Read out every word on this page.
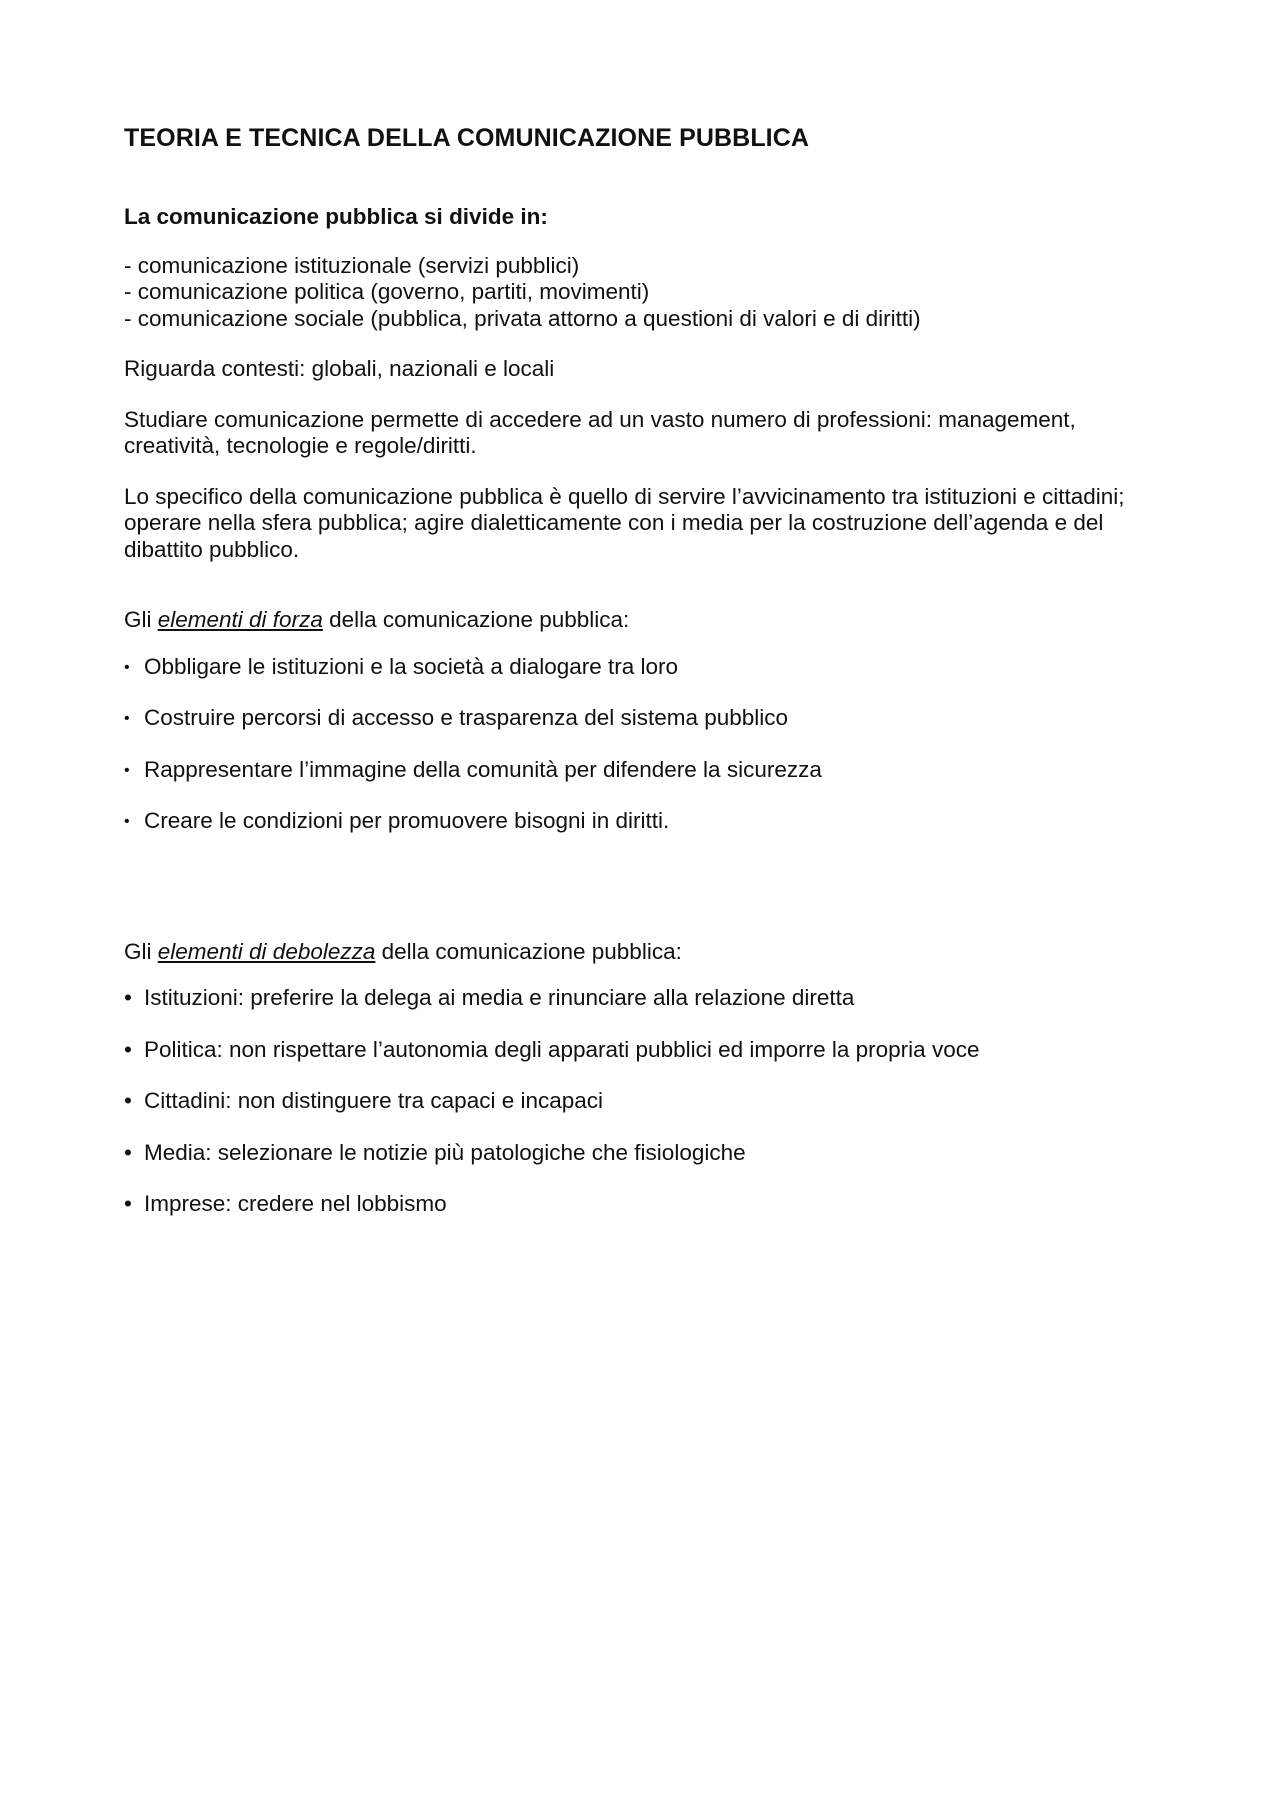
TEORIA E TECNICA DELLA COMUNICAZIONE PUBBLICA
La comunicazione pubblica si divide in:
- comunicazione istituzionale (servizi pubblici)
- comunicazione politica (governo, partiti, movimenti)
- comunicazione sociale (pubblica, privata attorno a questioni di valori e di diritti)
Riguarda contesti: globali, nazionali e locali
Studiare comunicazione permette di accedere ad un vasto numero di professioni: management, creatività, tecnologie e regole/diritti.
Lo specifico della comunicazione pubblica è quello di servire l’avvicinamento tra istituzioni e cittadini; operare nella sfera pubblica; agire dialetticamente con i media per la costruzione dell’agenda e del dibattito pubblico.
Gli elementi di forza della comunicazione pubblica:
• Obbligare le istituzioni e la società a dialogare tra loro
• Costruire percorsi di accesso e trasparenza del sistema pubblico
• Rappresentare l’immagine della comunità per difendere la sicurezza
• Creare le condizioni per promuovere bisogni in diritti.
Gli elementi di debolezza della comunicazione pubblica:
• Istituzioni: preferire la delega ai media e rinunciare alla relazione diretta
• Politica: non rispettare l’autonomia degli apparati pubblici ed imporre la propria voce
• Cittadini: non distinguere tra capaci e incapaci
• Media: selezionare le notizie più patologiche che fisiologiche
• Imprese: credere nel lobbismo
